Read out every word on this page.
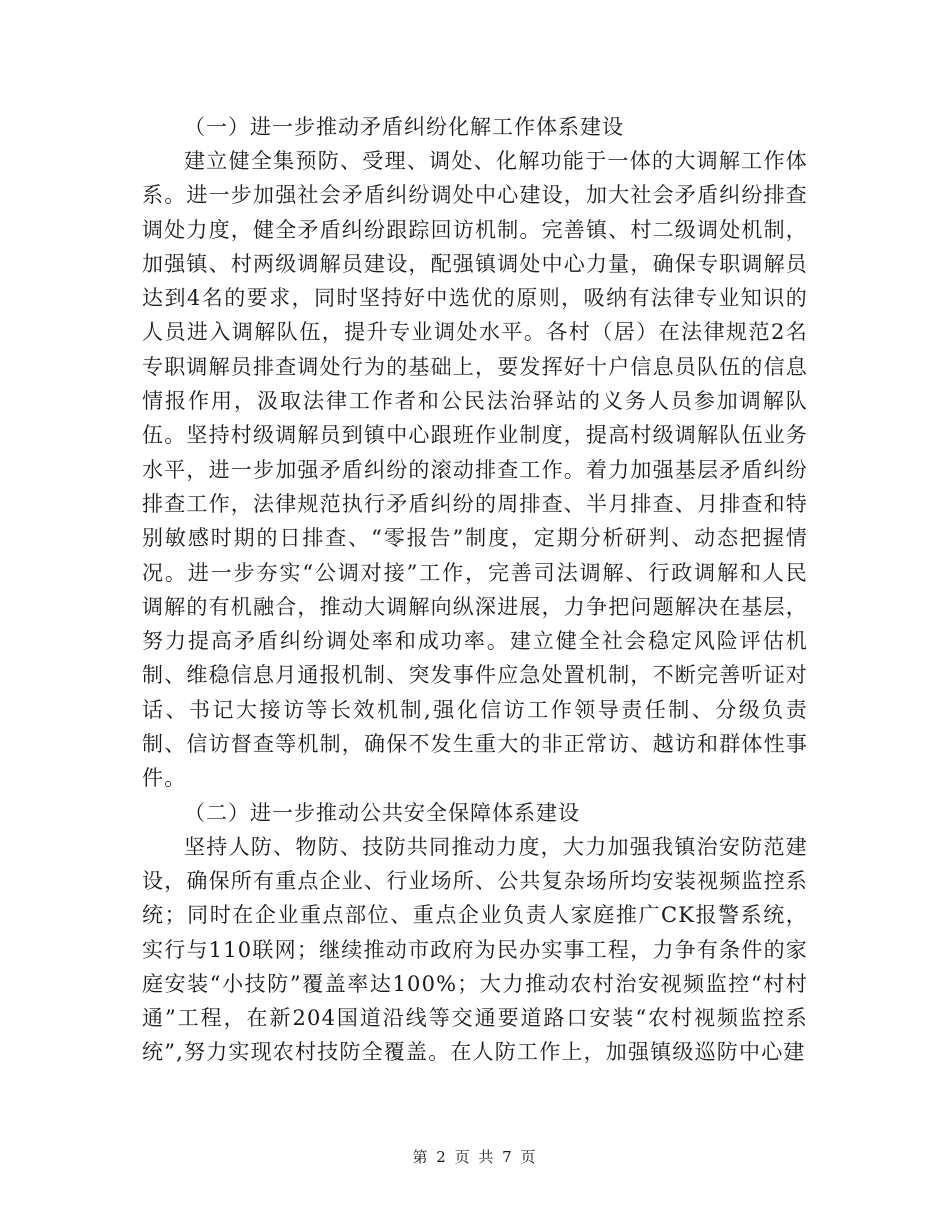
（一）进一步推动矛盾纠纷化解工作体系建设

建立健全集预防、受理、调处、化解功能于一体的大调解工作体系。进一步加强社会矛盾纠纷调处中心建设，加大社会矛盾纠纷排查调处力度，健全矛盾纠纷跟踪回访机制。完善镇、村二级调处机制，加强镇、村两级调解员建设，配强镇调处中心力量，确保专职调解员达到4名的要求，同时坚持好中选优的原则，吸纳有法律专业知识的人员进入调解队伍，提升专业调处水平。各村（居）在法律规范2名专职调解员排查调处行为的基础上，要发挥好十户信息员队伍的信息情报作用，汲取法律工作者和公民法治驿站的义务人员参加调解队伍。坚持村级调解员到镇中心跟班作业制度，提高村级调解队伍业务水平，进一步加强矛盾纠纷的滚动排查工作。着力加强基层矛盾纠纷排查工作，法律规范执行矛盾纠纷的周排查、半月排查、月排查和特别敏感时期的日排查、“零报告”制度，定期分析研判、动态把握情况。进一步夯实“公调对接”工作，完善司法调解、行政调解和人民调解的有机融合，推动大调解向纵深进展，力争把问题解决在基层，努力提高矛盾纠纷调处率和成功率。建立健全社会稳定风险评估机制、维稳信息月通报机制、突发事件应急处置机制，不断完善听证对话、书记大接访等长效机制,强化信访工作领导责任制、分级负责制、信访督查等机制，确保不发生重大的非正常访、越访和群体性事件。

（二）进一步推动公共安全保障体系建设

坚持人防、物防、技防共同推动力度，大力加强我镇治安防范建设，确保所有重点企业、行业场所、公共复杂场所均安装视频监控系统；同时在企业重点部位、重点企业负责人家庭推广CK报警系统，实行与110联网；继续推动市政府为民办实事工程，力争有条件的家庭安装“小技防”覆盖率达100%；大力推动农村治安视频监控“村村通”工程，在新204国道沿线等交通要道路口安装“农村视频监控系统”,努力实现农村技防全覆盖。在人防工作上，加强镇级巡防中心建

第 2 页 共 7 页
